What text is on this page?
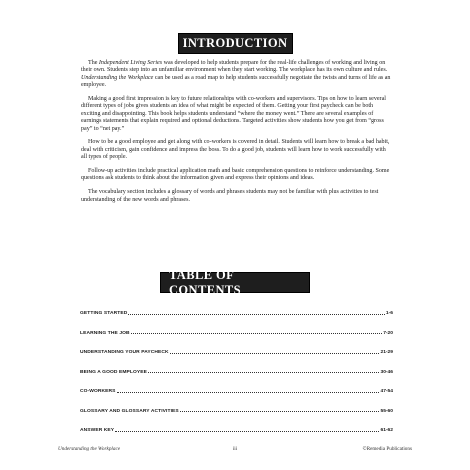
INTRODUCTION

The Independent Living Series was developed to help students prepare for the real-life challenges of working and living on their own. Students step into an unfamiliar environment when they start working. The workplace has its own culture and rules. Understanding the Workplace can be used as a road map to help students successfully negotiate the twists and turns of life as an employee.

Making a good first impression is key to future relationships with co-workers and supervisors. Tips on how to learn several different types of jobs gives students an idea of what might be expected of them. Getting your first paycheck can be both exciting and disappointing. This book helps students understand “where the money went.” There are several examples of earnings statements that explain required and optional deductions. Targeted activities show students how you get from “gross pay” to “net pay.”

How to be a good employee and get along with co-workers is covered in detail. Students will learn how to break a bad habit, deal with criticism, gain confidence and impress the boss. To do a good job, students will learn how to work successfully with all types of people.

Follow-up activities include practical application math and basic comprehension questions to reinforce understanding. Some questions ask students to think about the information given and express their opinions and ideas.

The vocabulary section includes a glossary of words and phrases students may not be familiar with plus activities to test understanding of the new words and phrases.

TABLE OF CONTENTS
GETTING STARTED	1-6
LEARNING THE JOB	7-20
UNDERSTANDING YOUR PAYCHECK	21-29
BEING A GOOD EMPLOYEE	30-46
CO-WORKERS	47-54
GLOSSARY AND GLOSSARY ACTIVITIES	55-60
ANSWER KEY	61-62
Understanding the Workplace	iii	©Remedia Publications
